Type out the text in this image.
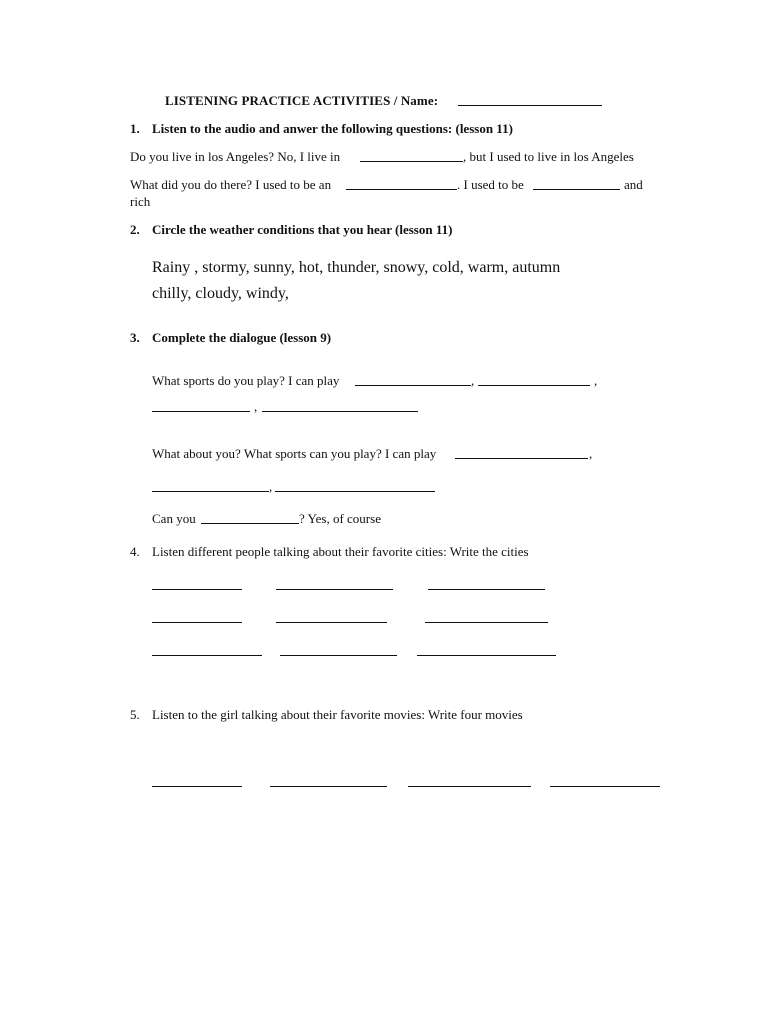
LISTENING PRACTICE ACTIVITIES / Name:
1. Listen to the audio and anwer the following questions: (lesson 11)
Do you live in los Angeles? No, I live in	, but I used to live in los Angeles
What did you do there? I used to be an	. I used to be	and
rich
2. Circle the weather conditions that you hear (lesson 11)
Rainy , stormy, sunny, hot, thunder, snowy, cold, warm, autumn
chilly, cloudy, windy,
3. Complete the dialogue (lesson 9)
What sports do you play? I can play	,	,
,
What about you? What sports can you play? I can play	,
,
Can you	? Yes, of course
4. Listen different people talking about their favorite cities: Write the cities
5. Listen to the girl talking about their favorite movies: Write four movies
